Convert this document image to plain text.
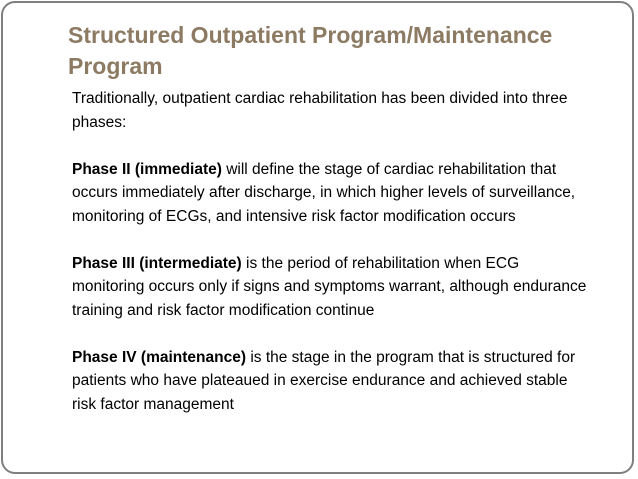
Structured Outpatient Program/Maintenance Program

Traditionally, outpatient cardiac rehabilitation has been divided into three phases:

Phase II (immediate) will define the stage of cardiac rehabilitation that occurs immediately after discharge, in which higher levels of surveillance, monitoring of ECGs, and intensive risk factor modification occurs

Phase III (intermediate) is the period of rehabilitation when ECG monitoring occurs only if signs and symptoms warrant, although endurance training and risk factor modification continue

Phase IV (maintenance) is the stage in the program that is structured for patients who have plateaued in exercise endurance and achieved stable risk factor management
